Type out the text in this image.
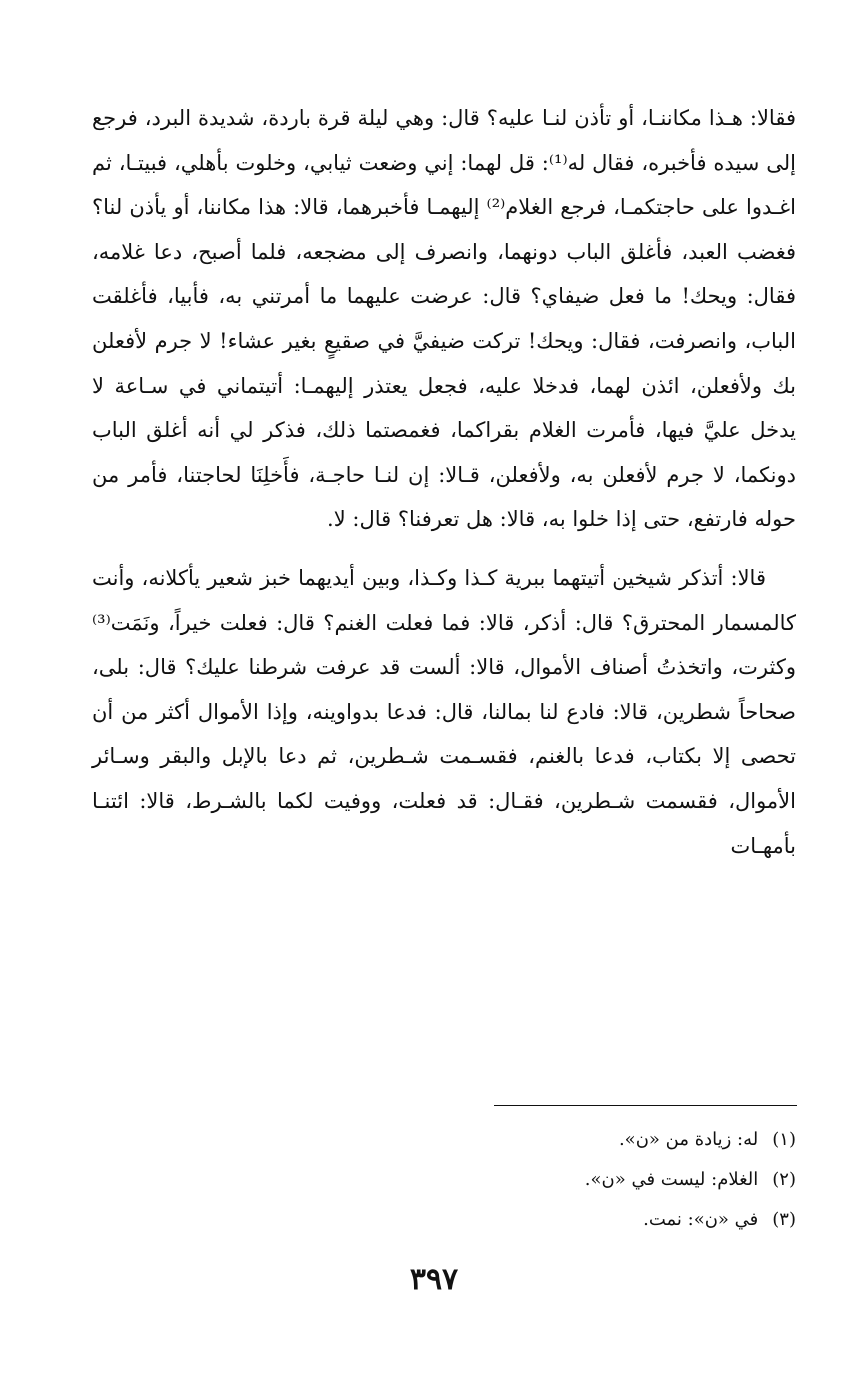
فقالا: هـذا مكاننـا، أو تأذن لنـا عليه؟ قال: وهي ليلة قرة باردة، شديدة البرد، فرجع إلى سيده فأخبره، فقال له⁽¹⁾: قل لهما: إني وضعت ثيابي، وخلوت بأهلي، فبيتـا، ثم اغـدوا على حاجتكمـا، فرجع الغلام⁽²⁾ إليهمـا فأخبرهما، قالا: هذا مكاننا، أو يأذن لنا؟ فغضب العبد، فأغلق الباب دونهما، وانصرف إلى مضجعه، فلما أصبح، دعا غلامه، فقال: ويحك! ما فعل ضيفاي؟ قال: عرضت عليهما ما أمرتني به، فأبيا، فأغلقت الباب، وانصرفت، فقال: ويحك! تركت ضيفيَّ في صقيعٍ بغير عشاء! لا جرم لأفعلن بك ولأفعلن، ائذن لهما، فدخلا عليه، فجعل يعتذر إليهمـا: أتيتماني في سـاعة لا يدخل عليَّ فيها، فأمرت الغلام بقراكما، فغمصتما ذلك، فذكر لي أنه أغلق الباب دونكما، لا جرم لأفعلن به، ولأفعلن، قـالا: إن لنـا حاجـة، فأَخلِنَا لحاجتنا، فأمر من حوله فارتفع، حتى إذا خلوا به، قالا: هل تعرفنا؟ قال: لا.

قالا: أتذكر شيخين أتيتهما ببرية كـذا وكـذا، وبين أيديهما خبز شعير يأكلانه، وأنت كالمسمار المحترق؟ قال: أذكر، قالا: فما فعلت الغنم؟ قال: فعلت خيراً، ونَمَت⁽³⁾ وكثرت، واتخذتُ أصناف الأموال، قالا: ألست قد عرفت شرطنا عليك؟ قال: بلى، صحاحاً شطرين، قالا: فادع لنا بمالنا، قال: فدعا بدواوينه، وإذا الأموال أكثر من أن تحصى إلا بكتاب، فدعا بالغنم، فقسـمت شـطرين، ثم دعا بالإبل والبقر وسـائر الأموال، فقسمت شـطرين، فقـال: قد فعلت، ووفيت لكما بالشـرط، قالا: ائتنـا بأمهـات

(١)له: زيادة من «ن».
(٢)الغلام: ليست في «ن».
(٣)في «ن»: نمت.
٣٩٧
